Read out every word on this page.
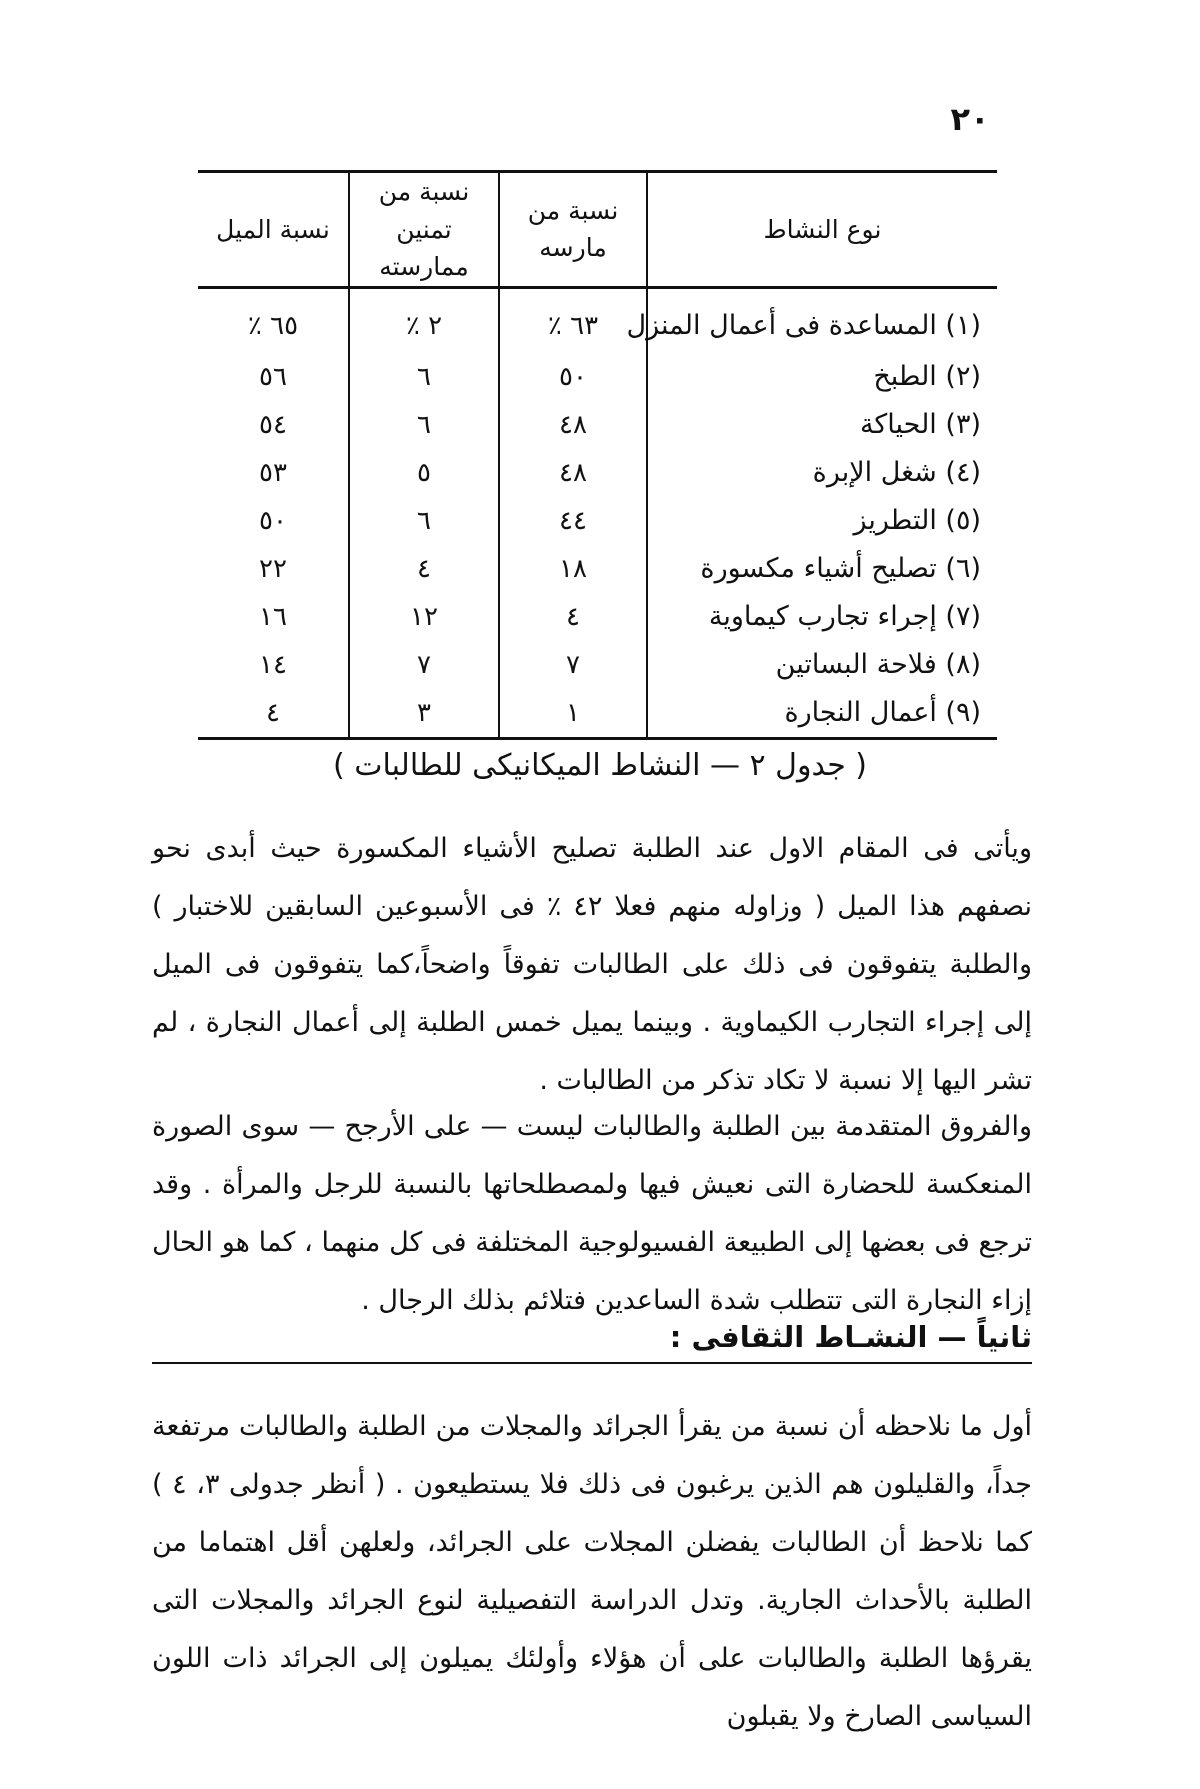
٢٠
نوع النشاط	نسبة من مارسه	نسبة من تمنين ممارسته	نسبة الميل
(١) المساعدة فى أعمال المنزل	٦٣ ٪	٢ ٪	٦٥ ٪
(٢) الطبخ	٥٠	٦	٥٦
(٣) الحياكة	٤٨	٦	٥٤
(٤) شغل الإبرة	٤٨	٥	٥٣
(٥) التطريز	٤٤	٦	٥٠
(٦) تصليح أشياء مكسورة	١٨	٤	٢٢
(٧) إجراء تجارب كيماوية	٤	١٢	١٦
(٨) فلاحة البساتين	٧	٧	١٤
(٩) أعمال النجارة	١	٣	٤
( جدول ٢ — النشاط الميكانيكى للطالبات )

ويأتى فى المقام الاول عند الطلبة تصليح الأشياء المكسورة حيث أبدى نحو نصفهم هذا الميل ( وزاوله منهم فعلا ٤٢ ٪ فى الأسبوعين السابقين للاختبار ) والطلبة يتفوقون فى ذلك على الطالبات تفوقاً واضحاً،كما يتفوقون فى الميل إلى إجراء التجارب الكيماوية . وبينما يميل خمس الطلبة إلى أعمال النجارة ، لم تشر اليها إلا نسبة لا تكاد تذكر من الطالبات .

والفروق المتقدمة بين الطلبة والطالبات ليست — على الأرجح — سوى الصورة المنعكسة للحضارة التى نعيش فيها ولمصطلحاتها بالنسبة للرجل والمرأة . وقد ترجع فى بعضها إلى الطبيعة الفسيولوجية المختلفة فى كل منهما ، كما هو الحال إزاء النجارة التى تتطلب شدة الساعدين فتلائم بذلك الرجال .

ثانياً — النشـاط الثقافى :

أول ما نلاحظه أن نسبة من يقرأ الجرائد والمجلات من الطلبة والطالبات مرتفعة جداً، والقليلون هم الذين يرغبون فى ذلك فلا يستطيعون . ( أنظر جدولى ٣، ٤ ) كما نلاحظ أن الطالبات يفضلن المجلات على الجرائد، ولعلهن أقل اهتماما من الطلبة بالأحداث الجارية. وتدل الدراسة التفصيلية لنوع الجرائد والمجلات التى يقرؤها الطلبة والطالبات على أن هؤلاء وأولئك يميلون إلى الجرائد ذات اللون السياسى الصارخ ولا يقبلون
